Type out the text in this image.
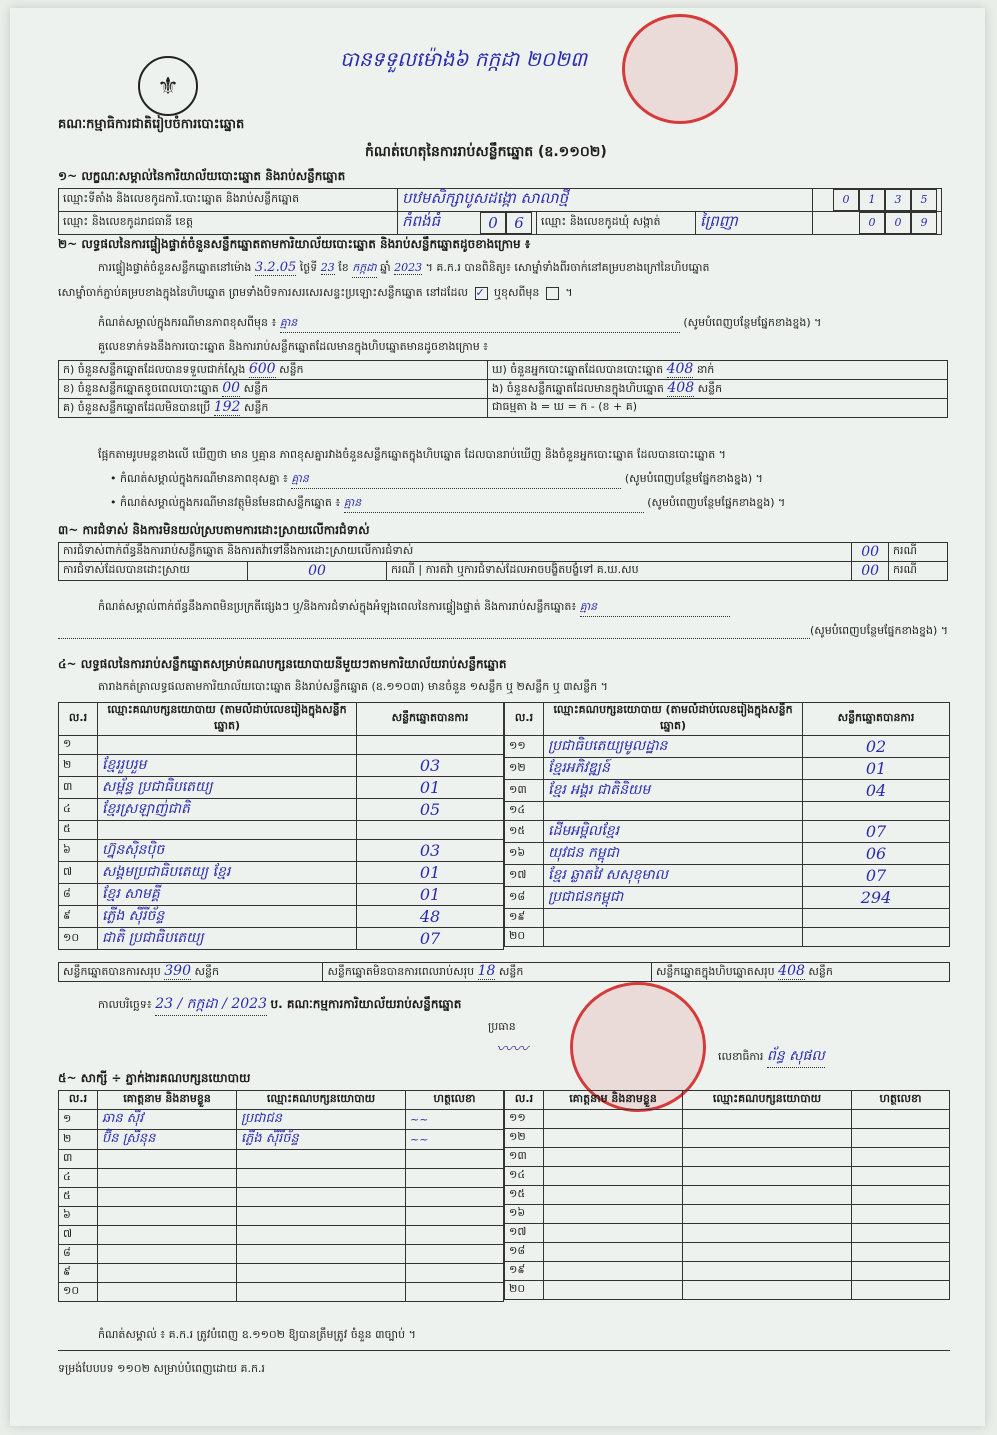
បានទទួលម៉ោង៦ កក្កដា ២០២៣
⚜
គណៈកម្មាធិការជាតិរៀបចំការបោះឆ្នោត
កំណត់ហេតុនៃការរាប់សន្លឹកឆ្នោត (ឧ.១១០២)
១~ លក្ខណៈសម្គាល់នៃការិយាល័យបោះឆ្នោត និងរាប់សន្លឹកឆ្នោត
ឈ្មោះទីតាំង និងលេខកូដការិ.បោះឆ្នោត និងរាប់សន្លឹកឆ្នោត	បឋមសិក្សាបូសដង្កោ សាលាថ្មី			0 1 3 5
ឈ្មោះ និងលេខកូដរាជធានី ខេត្ត	កំពង់ធំ 0 6	ឈ្មោះ និងលេខកូដឃុំ សង្កាត់	ព្រៃញា	0 0 9
២~ លទ្ធផលនៃការផ្ទៀងផ្ទាត់ចំនួនសន្លឹកឆ្នោតតាមការិយាល័យបោះឆ្នោត និងរាប់សន្លឹកឆ្នោតដូចខាងក្រោម ៖
ការផ្ទៀងផ្ទាត់ចំនួនសន្លឹកឆ្នោតនៅម៉ោង 3.2.05 ថ្ងៃទី 23 ខែ កក្កដា ឆ្នាំ 2023 ។ គ.ក.រ បានពិនិត្យ៖ សោម្នាំទាំងពីរចាក់នៅគម្របខាងក្រៅនៃហិបឆ្នោត
សោម្នាំចាក់ភ្ជាប់គម្របខាងក្នុងនៃហិបឆ្នោត ព្រមទាំងបិទការសរសេរសន្ទះប្រឡោះសន្លឹកឆ្នោត នៅដដែល ✓ ឬខុសពីមុន  ។
កំណត់សម្គាល់ក្នុងករណីមានភាពខុសពីមុន ៖ គ្មាន	(សូមបំពេញបន្ថែមផ្នែកខាងខ្នង) ។
គួលេខទាក់ទងនឹងការបោះឆ្នោត និងការរាប់សន្លឹកឆ្នោតដែលមានក្នុងហិបឆ្នោតមានដូចខាងក្រោម ៖
ក) ចំនួនសន្លឹកឆ្នោតដែលបានទទួលជាក់ស្តែង 600 សន្លឹក	ឃ) ចំនួនអ្នកបោះឆ្នោតដែលបានបោះឆ្នោត 408 នាក់
ខ) ចំនួនសន្លឹកឆ្នោតខូចពេលបោះឆ្នោត 00 សន្លឹក	ង) ចំនួនសន្លឹកឆ្នោតដែលមានក្នុងហិបឆ្នោត 408 សន្លឹក
គ) ចំនួនសន្លឹកឆ្នោតដែលមិនបានប្រើ 192 សន្លឹក	ជាធម្មតា ង = ឃ = ក - (ខ + គ)
ផ្អែកតាមរូបមន្តខាងលើ ឃើញថា មាន ឬគ្មាន ភាពខុសគ្នារវាងចំនួនសន្លឹកឆ្នោតក្នុងហិបឆ្នោត ដែលបានរាប់ឃើញ និងចំនួនអ្នកបោះឆ្នោត ដែលបានបោះឆ្នោត ។
• កំណត់សម្គាល់ក្នុងករណីមានភាពខុសគ្នា ៖ គ្មាន	(សូមបំពេញបន្ថែមផ្នែកខាងខ្នង) ។
• កំណត់សម្គាល់ក្នុងករណីមានវត្ថុមិនមែនជាសន្លឹកឆ្នោត ៖ គ្មាន	(សូមបំពេញបន្ថែមផ្នែកខាងខ្នង) ។
៣~ ការជំទាស់ និងការមិនយល់ស្របតាមការដោះស្រាយលើការជំទាស់
ការជំទាស់ពាក់ព័ន្ធនឹងការរាប់សន្លឹកឆ្នោត និងការតវ៉ាទៅនឹងការដោះស្រាយលើការជំទាស់			00	ករណី
ការជំទាស់ដែលបានដោះស្រាយ	00	ករណី | ការតវ៉ា ឬការជំទាស់ដែលអាចបង្ខិតបង្ខំទៅ គ.ឃ.សប	00	ករណី
កំណត់សម្គាល់ពាក់ព័ន្ធនឹងភាពមិនប្រក្រតីផ្សេងៗ ឬ/និងការជំទាស់ក្នុងអំឡុងពេលនៃការផ្ទៀងផ្ទាត់ និងការរាប់សន្លឹកឆ្នោត៖ គ្មាន
(សូមបំពេញបន្ថែមផ្នែកខាងខ្នង) ។
៤~ លទ្ធផលនៃការរាប់សន្លឹកឆ្នោតសម្រាប់គណបក្សនយោបាយនីមួយៗតាមការិយាល័យរាប់សន្លឹកឆ្នោត
តារាងកត់ត្រាលទ្ធផលតាមការិយាល័យបោះឆ្នោត និងរាប់សន្លឹកឆ្នោត (ឧ.១១០៣) មានចំនួន ១សន្លឹក ឬ ២សន្លឹក ឬ ៣សន្លឹក ។
ល.រ	ឈ្មោះគណបក្សនយោបាយ (តាមលំដាប់លេខរៀងក្នុងសន្លឹកឆ្នោត)	សន្លឹកឆ្នោតបានការ
១		
២	ខ្មែរ​រួបរួម	03
៣	សម្ព័ន្ធ​ ​ប្រជាធិបតេយ្យ	01
៤	ខ្មែរ​ស្រឡាញ់​ជាតិ	05
៥		
៦	ហ្វ៊ុនស៊ិនប៉ិច	03
៧	សង្គម​ប្រជាធិបតេយ្យ ខ្មែរ	01
៨	ខ្មែរ​ សាមគ្គី	01
៩	ភ្លើង ស៊ីរីច័ន្ទ	48
១០	ជាតិ ប្រជាធិបតេយ្យ	07
ល.រ	ឈ្មោះគណបក្សនយោបាយ (តាមលំដាប់លេខរៀងក្នុងសន្លឹកឆ្នោត)	សន្លឹកឆ្នោតបានការ
១១	ប្រជាធិបតេយ្យ​មូលដ្ឋាន	02
១២	ខ្មែរ​អភិវឌ្ឍន៍	01
១៣	ខ្មែរ​ អង្គរ​ ជាតិនិយម	04
១៤		
១៥	ដើម​អម្ពិល​ខ្មែរ	07
១៦	យុវជន កម្ពុជា	06
១៧	ខ្មែរ​ ឆ្លាត​វៃ ស​សុខុមាល	07
១៨	ប្រជាជន​កម្ពុជា	294
១៩		
២០		
សន្លឹកឆ្នោតបានការសរុប 390 សន្លឹក	សន្លឹកឆ្នោតមិនបានការពេលរាប់សរុប 18 សន្លឹក	សន្លឹកឆ្នោតក្នុងហិបឆ្នោតសរុប 408 សន្លឹក
កាលបរិច្ឆេទ៖ 23 / កក្កដា / 2023 ប. គណៈកម្មការការិយាល័យរាប់សន្លឹកឆ្នោត
ប្រធាន
〰〰	លេខាធិការ ព័ន្ធ សុផល
៥~ សាក្សី ÷ ភ្នាក់ងារគណបក្សនយោបាយ
ល.រ	គោត្តនាម និងនាមខ្លួន	ឈ្មោះគណបក្សនយោបាយ	ហត្ថលេខា
១	ឆាន ស៊ីវ	ប្រជាជន	~~
២	ប៊ិន ស្រីនុន	ភ្លើង ស៊ីរីច័ន្ទ	~~
៣			
៤			
៥			
៦			
៧			
៨			
៩			
១០			
ល.រ	គោត្តនាម និងនាមខ្លួន	ឈ្មោះគណបក្សនយោបាយ	ហត្ថលេខា
១១			
១២			
១៣			
១៤			
១៥			
១៦			
១៧			
១៨			
១៩			
២០			
កំណត់សម្គាល់ ៖ គ.ក.រ ត្រូវបំពេញ ឧ.១១០២ ឱ្យបានត្រឹមត្រូវ ចំនួន ៣ច្បាប់ ។
ទម្រង់បែបបទ ១១០២ សម្រាប់បំពេញដោយ គ.ក.រ
